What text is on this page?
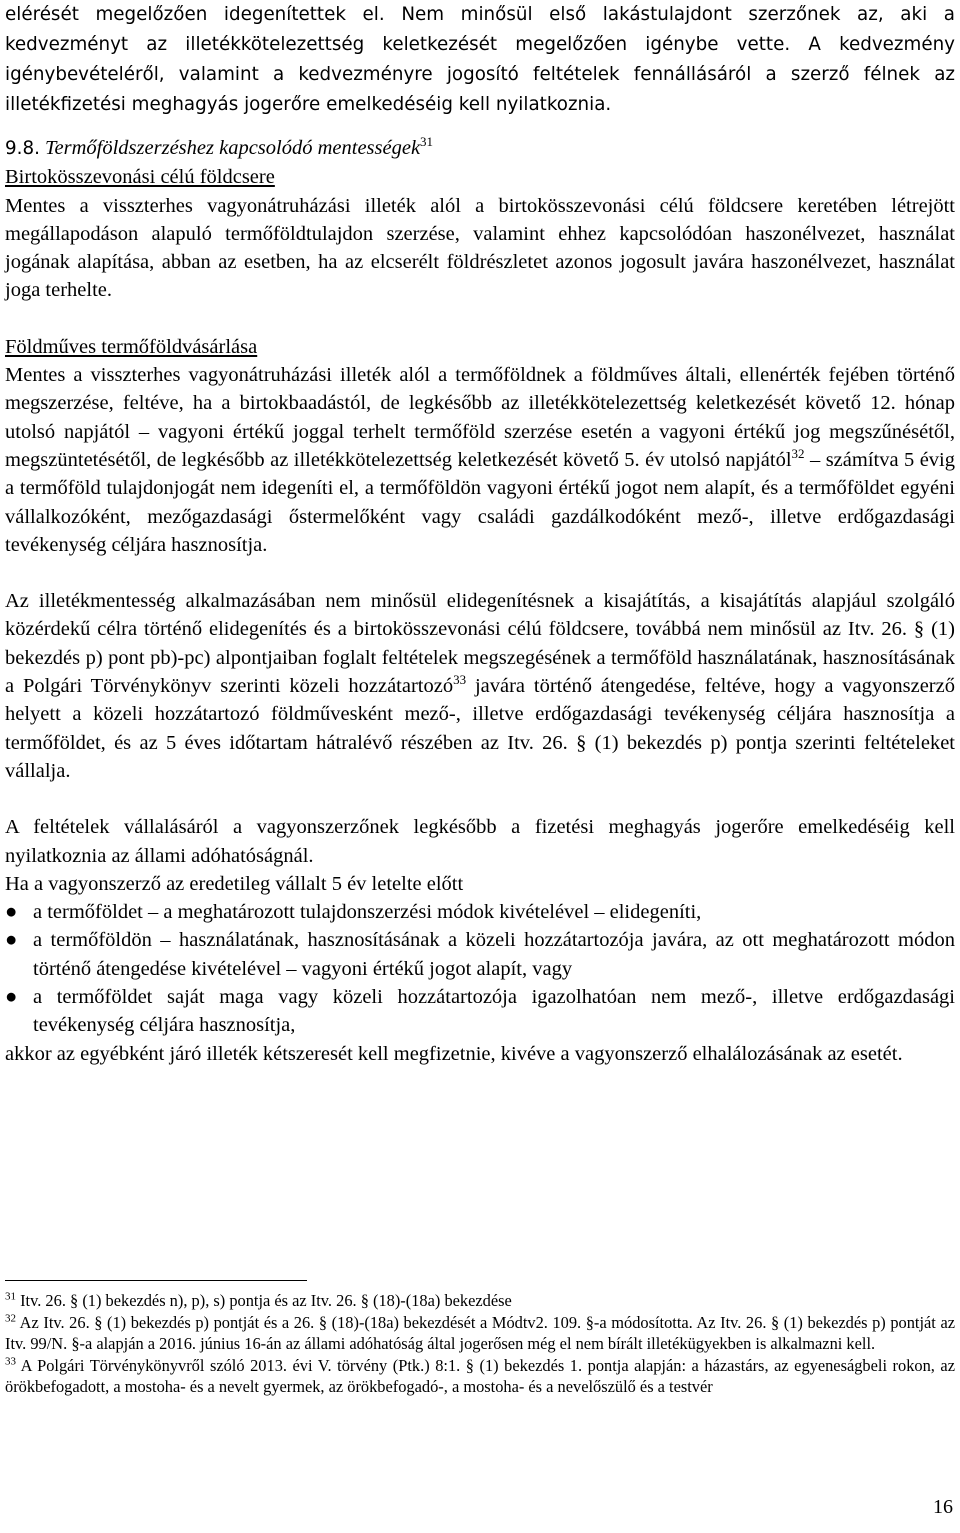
elérését megelőzően idegenítettek el. Nem minősül első lakástulajdont szerzőnek az, aki a kedvezményt az illetékkötelezettség keletkezését megelőzően igénybe vette. A kedvezmény igénybevételéről, valamint a kedvezményre jogosító feltételek fennállásáról a szerző félnek az illetékfizetési meghagyás jogerőre emelkedéséig kell nyilatkoznia.

9.8. Termőföldszerzéshez kapcsolódó mentességek$^{31}$

Birtokösszevonási célú földcsere

Mentes a visszterhes vagyonátruházási illeték alól a birtokösszevonási célú földcsere keretében létrejött megállapodáson alapuló termőföldtulajdon szerzése, valamint ehhez kapcsolódóan haszonélvezet, használat jogának alapítása, abban az esetben, ha az elcserélt földrészletet azonos jogosult javára haszonélvezet, használat joga terhelte.

Földműves termőföldvásárlása

Mentes a visszterhes vagyonátruházási illeték alól a termőföldnek a földműves általi, ellenérték fejében történő megszerzése, feltéve, ha a birtokbaadástól, de legkésőbb az illetékkötelezettség keletkezését követő 12. hónap utolsó napjától – vagyoni értékű joggal terhelt termőföld szerzése esetén a vagyoni értékű jog megszűnésétől, megszüntetésétől, de legkésőbb az illetékkötelezettség keletkezését követő 5. év utolsó napjától$^{32}$ – számítva 5 évig a termőföld tulajdonjogát nem idegeníti el, a termőföldön vagyoni értékű jogot nem alapít, és a termőföldet egyéni vállalkozóként, mezőgazdasági őstermelőként vagy családi gazdálkodóként mező-, illetve erdőgazdasági tevékenység céljára hasznosítja.

Az illetékmentesség alkalmazásában nem minősül elidegenítésnek a kisajátítás, a kisajátítás alapjául szolgáló közérdekű célra történő elidegenítés és a birtokösszevonási célú földcsere, továbbá nem minősül az Itv. 26. § (1) bekezdés p) pont pb)-pc) alpontjaiban foglalt feltételek megszegésének a termőföld használatának, hasznosításának a Polgári Törvénykönyv szerinti közeli hozzátartozó$^{33}$ javára történő átengedése, feltéve, hogy a vagyonszerző helyett a közeli hozzátartozó földművesként mező-, illetve erdőgazdasági tevékenység céljára hasznosítja a termőföldet, és az 5 éves időtartam hátralévő részében az Itv. 26. § (1) bekezdés p) pontja szerinti feltételeket vállalja.

A feltételek vállalásáról a vagyonszerzőnek legkésőbb a fizetési meghagyás jogerőre emelkedéséig kell nyilatkoznia az állami adóhatóságnál.

Ha a vagyonszerző az eredetileg vállalt 5 év letelte előtt

● a termőföldet – a meghatározott tulajdonszerzési módok kivételével – elidegeníti,
● a termőföldön – használatának, hasznosításának a közeli hozzátartozója javára, az ott meghatározott módon történő átengedése kivételével – vagyoni értékű jogot alapít, vagy
● a termőföldet saját maga vagy közeli hozzátartozója igazolhatóan nem mező-, illetve erdőgazdasági tevékenység céljára hasznosítja,

akkor az egyébként járó illeték kétszeresét kell megfizetnie, kivéve a vagyonszerző elhalálozásának az esetét.

$^{31}$ Itv. 26. § (1) bekezdés n), p), s) pontja és az Itv. 26. § (18)-(18a) bekezdése

$^{32}$ Az Itv. 26. § (1) bekezdés p) pontját és a 26. § (18)-(18a) bekezdését a Módtv2. 109. §-a módosította. Az Itv. 26. § (1) bekezdés p) pontját az Itv. 99/N. §-a alapján a 2016. június 16-án az állami adóhatóság által jogerősen még el nem bírált illetékügyekben is alkalmazni kell.

$^{33}$ A Polgári Törvénykönyvről szóló 2013. évi V. törvény (Ptk.) 8:1. § (1) bekezdés 1. pontja alapján: a házastárs, az egyeneságbeli rokon, az örökbefogadott, a mostoha- és a nevelt gyermek, az örökbefogadó-, a mostoha- és a nevelőszülő és a testvér

16
